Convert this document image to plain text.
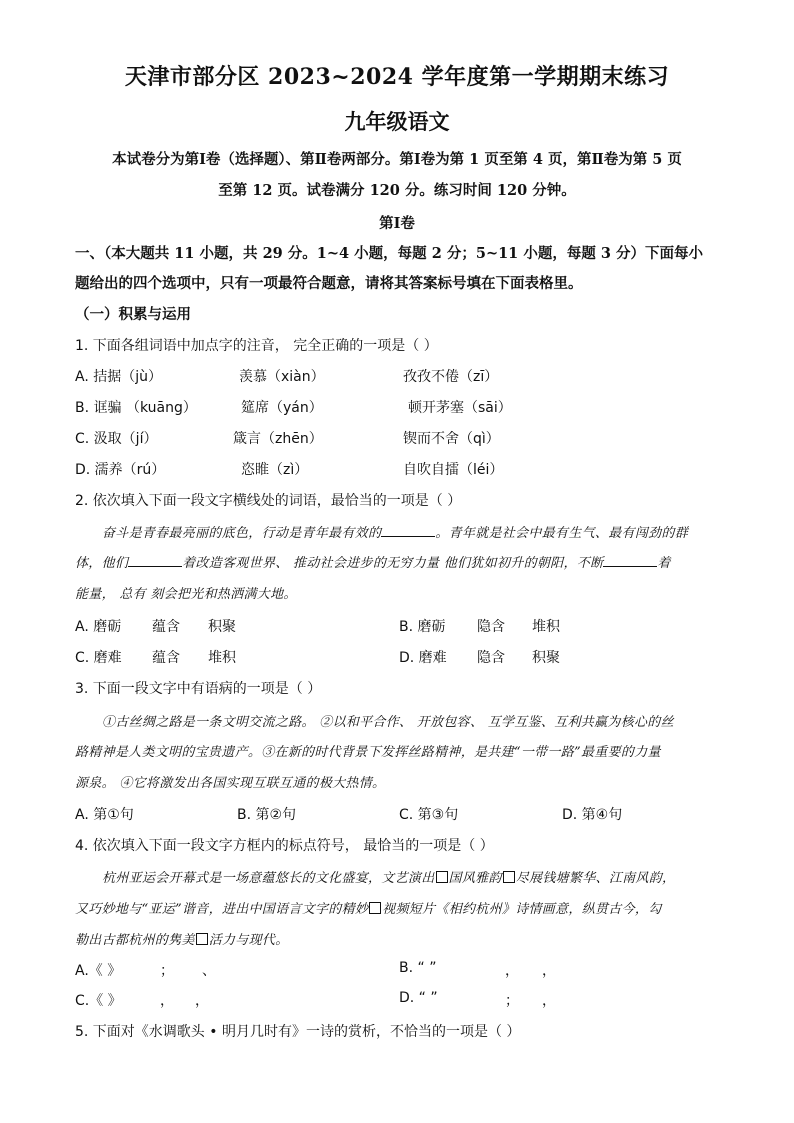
天津市部分区 2023~2024 学年度第一学期期末练习
九年级语文
本试卷分为第Ⅰ卷（选择题）、第Ⅱ卷两部分。第Ⅰ卷为第 1 页至第 4 页，第Ⅱ卷为第 5 页
至第 12 页。试卷满分 120 分。练习时间 120 分钟。
第Ⅰ卷
一、（本大题共 11 小题，共 29 分。1~4 小题，每题 2 分；5~11 小题，每题 3 分）下面每小
题给出的四个选项中，只有一项最符合题意，请将其答案标号填在下面表格里。
（一）积累与运用
1. 下面各组词语中加点字的注音， 完全正确的一项是（ ）
A. 拮据（jù）	羡慕（xiàn）	孜孜不倦（zī）
B. 诓骗 （kuāng）	筵席（yán）	顿开茅塞（sāi）
C. 汲取（jí）	箴言（zhēn）	锲而不舍（qì）
D. 濡养（rú）	恣睢（zì）	自吹自擂（léi）
2. 依次填入下面一段文字横线处的词语，最恰当的一项是（ ）
奋斗是青春最亮丽的底色，行动是青年最有效的	。青年就是社会中最有生气、最有闯劲的群
体，他们	着改造客观世界、 推动社会进步的无穷力量 他们犹如初升的朝阳，不断	着
能量， 总有 刻会把光和热洒满大地。
A. 磨砺 蕴含 积聚	B. 磨砺 隐含 堆积
C. 磨难 蕴含 堆积	D. 磨难 隐含 积聚
3. 下面一段文字中有语病的一项是（ ）
①古丝绸之路是一条文明交流之路。 ②以和平合作、 开放包容、 互学互鉴、互利共赢为核心的丝
路精神是人类文明的宝贵遗产。③在新的时代背景下发挥丝路精神，是共建“一带一路”最重要的力量
源泉。 ④它将激发出各国实现互联互通的极大热情。
A. 第①句	B. 第②句	C. 第③句	D. 第④句
4. 依次填入下面一段文字方框内的标点符号， 最恰当的一项是（ ）
杭州亚运会开幕式是一场意蕴悠长的文化盛宴，文艺演出 国风雅韵 尽展钱塘繁华、江南风韵，
又巧妙地与“亚运”谐音，进出中国语言文字的精妙 视频短片《相约杭州》诗情画意，纵贯古今，勾
勒出古都杭州的隽美 活力与现代。
A.《 》	； 、	B. “ ”	， ，
C.《 》	， ，	D. “ ”	； ，
5. 下面对《水调歌头 • 明月几时有》一诗的赏析，不恰当的一项是（ ）
